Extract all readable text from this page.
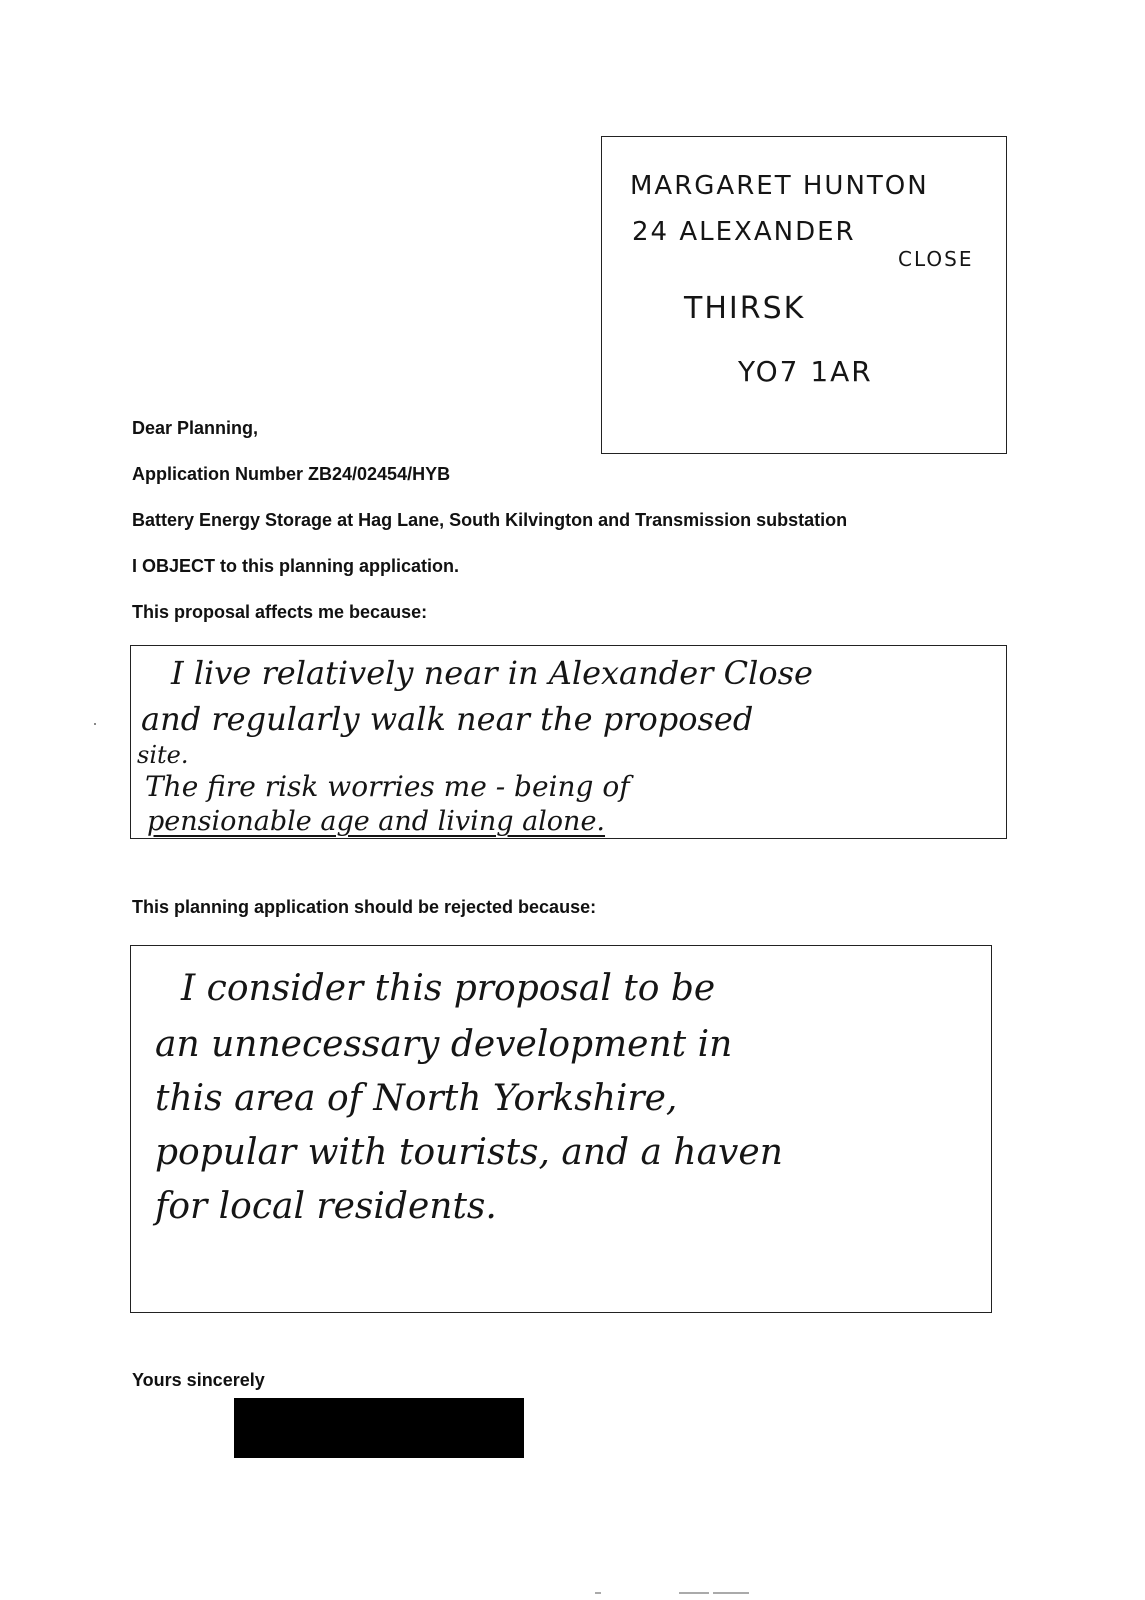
MARGARET HUNTON
24 ALEXANDER
CLOSE
THIRSK
YO7 1AR
Dear Planning,
Application Number ZB24/02454/HYB
Battery Energy Storage at Hag Lane, South Kilvington and Transmission substation
I OBJECT to this planning application.
This proposal affects me because:
I live relatively near in Alexander Close
and regularly walk near the proposed
site.
The fire risk worries me - being of
pensionable age and living alone.
This planning application should be rejected because:
I consider this proposal to be
an unnecessary development in
this area of North Yorkshire,
popular with tourists, and a haven
for local residents.
Yours sincerely
